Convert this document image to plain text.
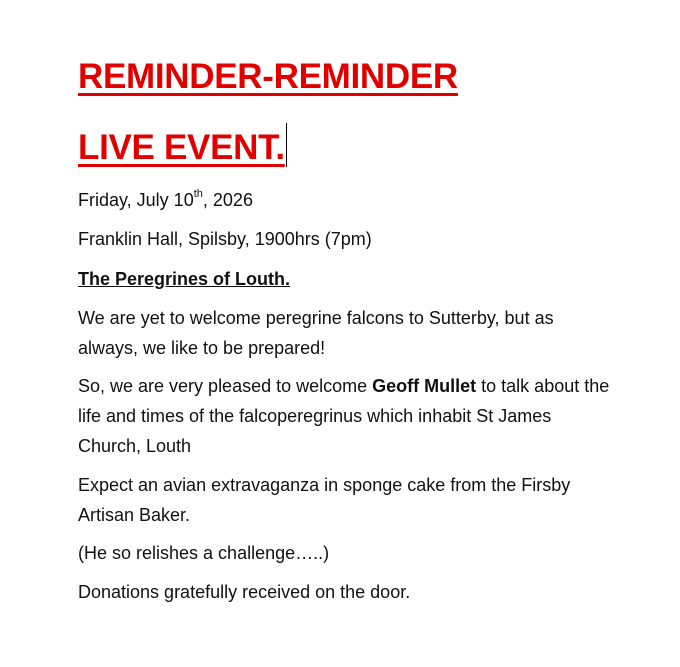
REMINDER-REMINDER
LIVE EVENT.

Friday, July 10th, 2026

Franklin Hall, Spilsby, 1900hrs (7pm)

The Peregrines of Louth.

We are yet to welcome peregrine falcons to Sutterby, but as always, we like to be prepared!

So, we are very pleased to welcome Geoff Mullet to talk about the life and times of the falcoperegrinus which inhabit St James Church, Louth

Expect an avian extravaganza in sponge cake from the Firsby Artisan Baker.

(He so relishes a challenge…..)

Donations gratefully received on the door.
